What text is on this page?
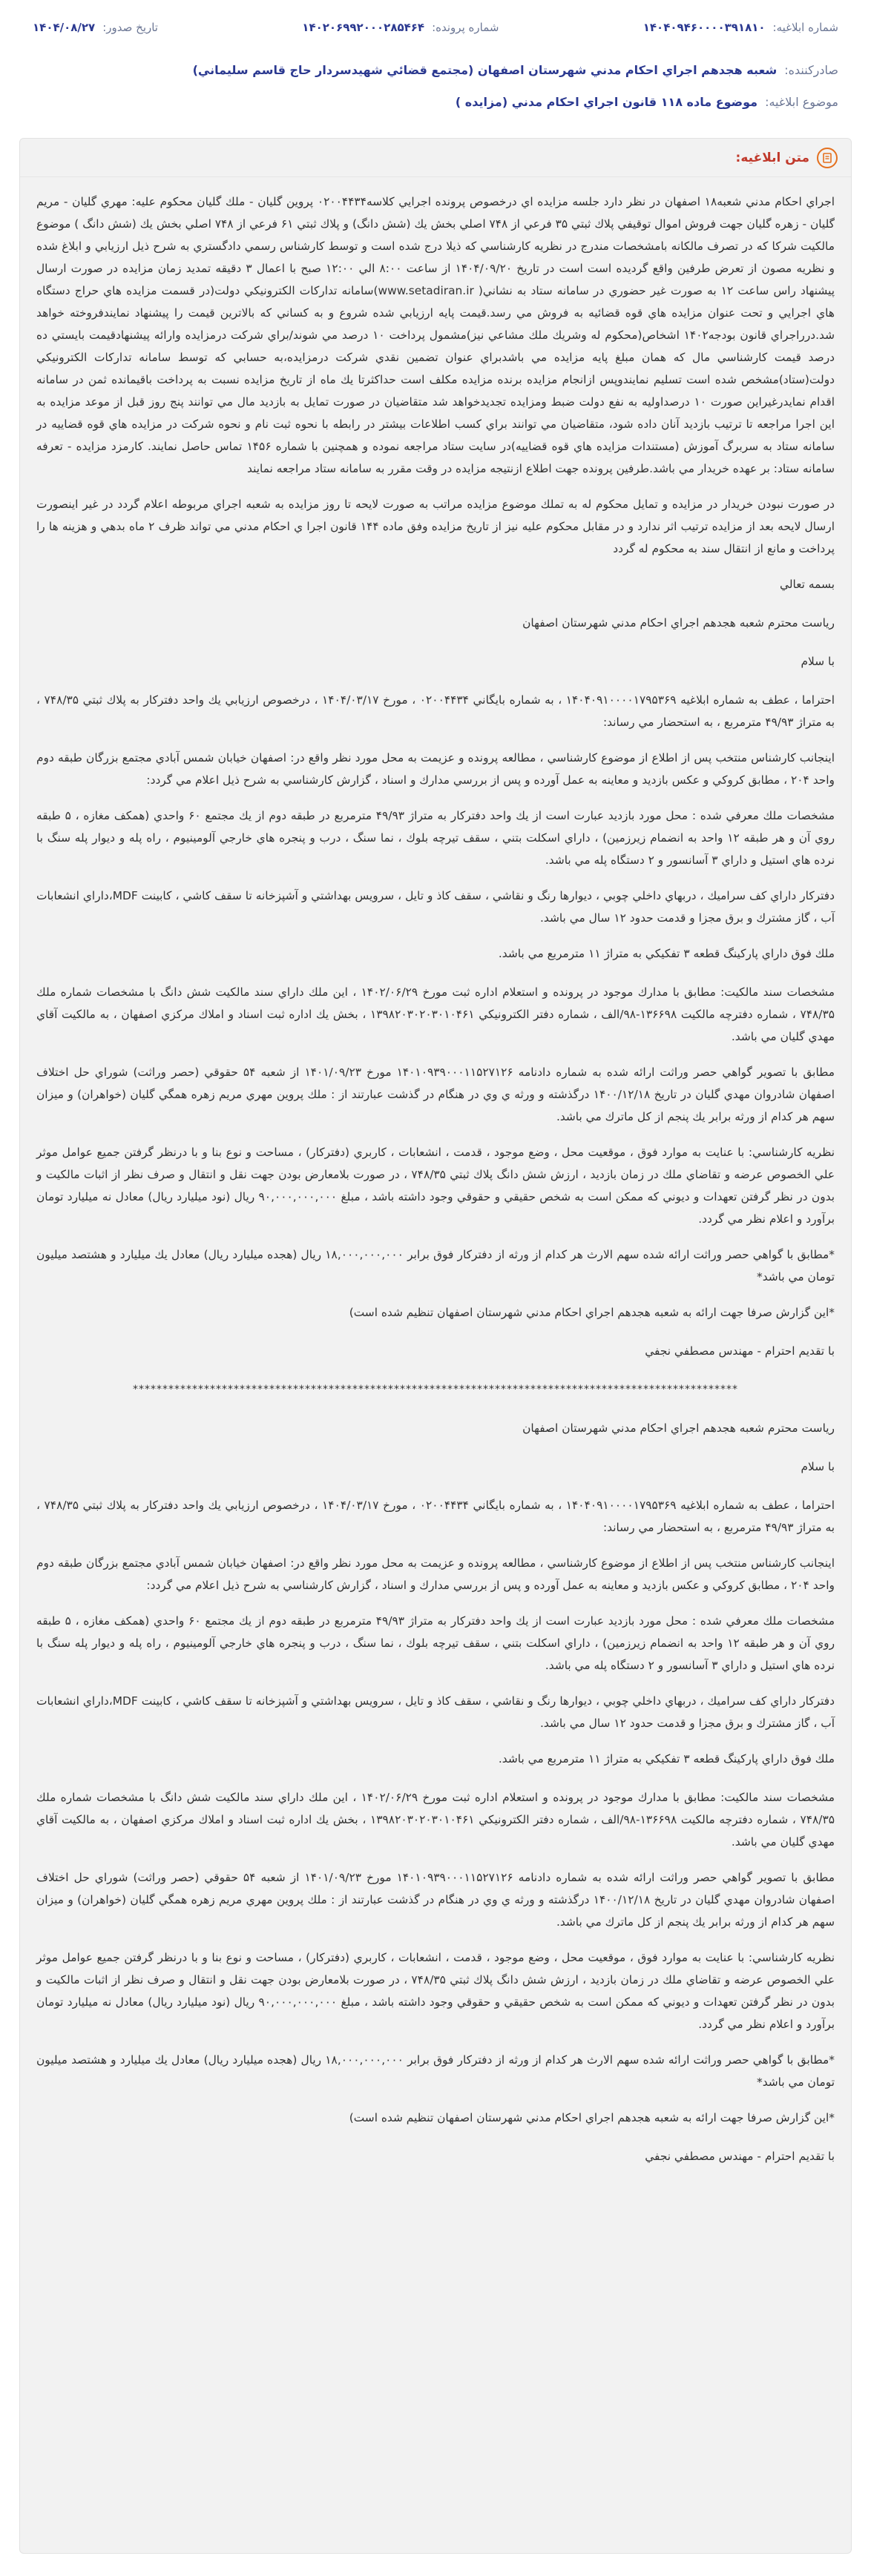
شماره ابلاغیه:
۱۴۰۴۰۹۴۶۰۰۰۰۳۹۱۸۱۰
شماره پرونده:
۱۴۰۲۰۶۹۹۲۰۰۰۲۸۵۴۶۴
تاریخ صدور:
۱۴۰۴/۰۸/۲۷
صادرکننده:
شعبه هجدهم اجراي احكام مدني شهرستان اصفهان (مجتمع قضائي شهيدسردار حاج قاسم سليماني)
موضوع ابلاغیه:
موضوع ماده ۱۱۸ قانون اجراي احكام مدني (مزايده )
متن ابلاغیه:

اجراي احكام مدني شعبه۱۸ اصفهان در نظر دارد جلسه مزايده اي درخصوص پرونده اجرايي كلاسه۰۲۰۰۴۴۳۴ پروين گليان - ملك گليان محكوم عليه: مهري گليان - مريم گليان - زهره گليان جهت فروش اموال توقيفي پلاك ثبتي ۳۵ فرعي از ۷۴۸ اصلي بخش يك (شش دانگ) و پلاك ثبتي ۶۱ فرعي از ۷۴۸ اصلي بخش يك (شش دانگ ) موضوع مالكيت شركا كه در تصرف مالكانه بامشخصات مندرج در نظريه كارشناسي كه ذيلا درج شده است و توسط كارشناس رسمي دادگستري به شرح ذيل ارزيابي و ابلاغ شده و نظريه مصون از تعرض طرفين واقع گرديده است است در تاريخ ۱۴۰۴/۰۹/۲۰ از ساعت ۸:۰۰ الي ۱۲:۰۰ صبح با اعمال ۳ دقيقه تمديد زمان مزايده در صورت ارسال پيشنهاد راس ساعت ۱۲ به صورت غير حضوري در سامانه ستاد به نشاني( www.setadiran.ir)سامانه تداركات الكترونيكي دولت(در قسمت مزايده هاي حراج دستگاه هاي اجرايي و تحت عنوان مزايده هاي قوه قضائيه به فروش مي رسد.قيمت پايه ارزيابي شده شروع و به كساني كه بالاترين قيمت را پيشنهاد نمايندفروخته خواهد شد.درراجراي قانون بودجه۱۴۰۲ اشخاص(محكوم له وشريك ملك مشاعي نيز)مشمول پرداخت ۱۰ درصد مي شوند/براي شركت درمزايده وارائه پيشنهادقيمت بايستي ده درصد قيمت كارشناسي مال كه همان مبلغ پايه مزايده مي باشدبراي عنوان تضمين نقدي شركت درمزايده،به حسابي كه توسط سامانه تداركات الكترونيكي دولت(ستاد)مشخص شده است تسليم نمايندوپس ازانجام مزايده برنده مزايده مكلف است حداكثرتا يك ماه از تاريخ مزايده نسبت به پرداخت باقيمانده ثمن در سامانه اقدام نمايدرغيراين صورت ۱۰ درصداوليه به نفع دولت ضبط ومزايده تجديدخواهد شد متقاضيان در صورت تمايل به بازديد مال مي توانند پنج روز قبل از موعد مزايده به اين اجرا مراجعه تا ترتيب بازديد آنان داده شود، متقاضيان مي توانند براي كسب اطلاعات بيشتر در رابطه با نحوه ثبت نام و نحوه شركت در مزايده هاي قوه قضاييه در سامانه ستاد به سربرگ آموزش (مستندات مزايده هاي قوه قضاييه)در سايت ستاد مراجعه نموده و همچنين با شماره ۱۴۵۶ تماس حاصل نمايند. كارمزد مزايده - تعرفه سامانه ستاد: بر عهده خريدار مي باشد.طرفين پرونده جهت اطلاع ازنتيجه مزايده در وقت مقرر به سامانه ستاد مراجعه نمايند

در صورت نبودن خريدار در مزايده و تمايل محكوم له به تملك موضوع مزايده مراتب به صورت لايحه تا روز مزايده به شعبه اجراي مربوطه اعلام گردد در غير اينصورت ارسال لايحه بعد از مزايده ترتيب اثر ندارد و در مقابل محكوم عليه نيز از تاريخ مزايده وفق ماده ۱۴۴ قانون اجرا ي احكام مدني مي تواند ظرف ۲ ماه بدهي و هزينه ها را پرداخت و مانع از انتقال سند به محكوم له گردد

بسمه تعالي

رياست محترم شعبه هجدهم اجراي احكام مدني شهرستان اصفهان

با سلام

احتراما ، عطف به شماره ابلاغيه ۱۴۰۴۰۹۱۰۰۰۰۱۷۹۵۳۶۹ ، به شماره بايگاني ۰۲۰۰۴۴۳۴ ، مورخ ۱۴۰۴/۰۳/۱۷ ، درخصوص ارزيابي يك واحد دفتركار به پلاك ثبتي ۷۴۸/۳۵ ، به متراژ ۴۹/۹۳ مترمربع ، به استحضار مي رساند:

اينجانب كارشناس منتخب پس از اطلاع از موضوع كارشناسي ، مطالعه پرونده و عزيمت به محل مورد نظر واقع در: اصفهان خيابان شمس آبادي مجتمع بزرگان طبقه دوم واحد ۲۰۴ ، مطابق كروكي و عكس بازديد و معاينه به عمل آورده و پس از بررسي مدارك و اسناد ، گزارش كارشناسي به شرح ذيل اعلام مي گردد:

مشخصات ملك معرفي شده : محل مورد بازديد عبارت است از يك واحد دفتركار به متراژ ۴۹/۹۳ مترمربع در طبقه دوم از يك مجتمع ۶۰ واحدي (همكف مغازه ، ۵ طبقه روي آن و هر طبقه ۱۲ واحد به انضمام زيرزمين) ، داراي اسكلت بتني ، سقف تيرچه بلوك ، نما سنگ ، درب و پنجره هاي خارجي آلومينيوم ، راه پله و ديوار پله سنگ با نرده هاي استيل و داراي ۳ آسانسور و ۲ دستگاه پله مي باشد.

دفتركار داراي كف سراميك ، دربهاي داخلي چوبي ، ديوارها رنگ و نقاشي ، سقف كاذ و تايل ، سرويس بهداشتي و آشپزخانه تا سقف كاشي ، كابينت MDF،داراي انشعابات آب ، گاز مشترك و برق مجزا و قدمت حدود ۱۲ سال مي باشد.

ملك فوق داراي پاركينگ قطعه ۳ تفكيكي به متراژ ۱۱ مترمربع مي باشد.

مشخصات سند مالكيت: مطابق با مدارك موجود در پرونده و استعلام اداره ثبت مورخ ۱۴۰۲/۰۶/۲۹ ، اين ملك داراي سند مالكيت شش دانگ با مشخصات شماره ملك ۷۴۸/۳۵ ، شماره دفترچه مالكيت ۱۳۶۶۹۸-۹۸/الف ، شماره دفتر الكترونيكي ۱۳۹۸۲۰۳۰۲۰۳۰۱۰۴۶۱ ، بخش يك اداره ثبت اسناد و املاك مركزي اصفهان ، به مالكيت آقاي مهدي گليان مي باشد.

مطابق با تصوير گواهي حصر وراثت ارائه شده به شماره دادنامه ۱۴۰۱۰۹۳۹۰۰۰۱۱۵۲۷۱۲۶ مورخ ۱۴۰۱/۰۹/۲۳ از شعبه ۵۴ حقوقي (حصر وراثت) شوراي حل اختلاف اصفهان شادروان مهدي گليان در تاريخ ۱۴۰۰/۱۲/۱۸ درگذشته و ورثه ي وي در هنگام در گذشت عبارتند از : ملك پروين مهري مريم زهره همگي گليان (خواهران) و ميزان سهم هر كدام از ورثه برابر يك پنجم از كل ماترك مي باشد.

نظريه كارشناسي: با عنايت به موارد فوق ، موقعيت محل ، وضع موجود ، قدمت ، انشعابات ، كاربري (دفتركار) ، مساحت و نوع بنا و با درنظر گرفتن جميع عوامل موثر علي الخصوص عرضه و تقاضاي ملك در زمان بازديد ، ارزش شش دانگ پلاك ثبتي ۷۴۸/۳۵ ، در صورت بلامعارض بودن جهت نقل و انتقال و صرف نظر از اثبات مالكيت و بدون در نظر گرفتن تعهدات و ديوني كه ممكن است به شخص حقيقي و حقوقي وجود داشته باشد ، مبلغ ۹۰,۰۰۰,۰۰۰,۰۰۰ ريال (نود ميليارد ريال) معادل نه ميليارد تومان برآورد و اعلام نظر مي گردد.

*مطابق با گواهي حصر وراثت ارائه شده سهم الارث هر كدام از ورثه از دفتركار فوق برابر ۱۸,۰۰۰,۰۰۰,۰۰۰ ريال (هجده ميليارد ريال) معادل يك ميليارد و هشتصد ميليون تومان مي باشد*

*اين گزارش صرفا جهت ارائه به شعبه هجدهم اجراي احكام مدني شهرستان اصفهان تنظيم شده است)

با تقديم احترام - مهندس مصطفي نجفي

******************************************************************************************************

رياست محترم شعبه هجدهم اجراي احكام مدني شهرستان اصفهان

با سلام

احتراما ، عطف به شماره ابلاغيه ۱۴۰۴۰۹۱۰۰۰۰۱۷۹۵۳۶۹ ، به شماره بايگاني ۰۲۰۰۴۴۳۴ ، مورخ ۱۴۰۴/۰۳/۱۷ ، درخصوص ارزيابي يك واحد دفتركار به پلاك ثبتي ۷۴۸/۳۵ ، به متراژ ۴۹/۹۳ مترمربع ، به استحضار مي رساند:

اينجانب كارشناس منتخب پس از اطلاع از موضوع كارشناسي ، مطالعه پرونده و عزيمت به محل مورد نظر واقع در: اصفهان خيابان شمس آبادي مجتمع بزرگان طبقه دوم واحد ۲۰۴ ، مطابق كروكي و عكس بازديد و معاينه به عمل آورده و پس از بررسي مدارك و اسناد ، گزارش كارشناسي به شرح ذيل اعلام مي گردد:

مشخصات ملك معرفي شده : محل مورد بازديد عبارت است از يك واحد دفتركار به متراژ ۴۹/۹۳ مترمربع در طبقه دوم از يك مجتمع ۶۰ واحدي (همكف مغازه ، ۵ طبقه روي آن و هر طبقه ۱۲ واحد به انضمام زيرزمين) ، داراي اسكلت بتني ، سقف تيرچه بلوك ، نما سنگ ، درب و پنجره هاي خارجي آلومينيوم ، راه پله و ديوار پله سنگ با نرده هاي استيل و داراي ۳ آسانسور و ۲ دستگاه پله مي باشد.

دفتركار داراي كف سراميك ، دربهاي داخلي چوبي ، ديوارها رنگ و نقاشي ، سقف كاذ و تايل ، سرويس بهداشتي و آشپزخانه تا سقف كاشي ، كابينت MDF،داراي انشعابات آب ، گاز مشترك و برق مجزا و قدمت حدود ۱۲ سال مي باشد.

ملك فوق داراي پاركينگ قطعه ۳ تفكيكي به متراژ ۱۱ مترمربع مي باشد.

مشخصات سند مالكيت: مطابق با مدارك موجود در پرونده و استعلام اداره ثبت مورخ ۱۴۰۲/۰۶/۲۹ ، اين ملك داراي سند مالكيت شش دانگ با مشخصات شماره ملك ۷۴۸/۳۵ ، شماره دفترچه مالكيت ۱۳۶۶۹۸-۹۸/الف ، شماره دفتر الكترونيكي ۱۳۹۸۲۰۳۰۲۰۳۰۱۰۴۶۱ ، بخش يك اداره ثبت اسناد و املاك مركزي اصفهان ، به مالكيت آقاي مهدي گليان مي باشد.

مطابق با تصوير گواهي حصر وراثت ارائه شده به شماره دادنامه ۱۴۰۱۰۹۳۹۰۰۰۱۱۵۲۷۱۲۶ مورخ ۱۴۰۱/۰۹/۲۳ از شعبه ۵۴ حقوقي (حصر وراثت) شوراي حل اختلاف اصفهان شادروان مهدي گليان در تاريخ ۱۴۰۰/۱۲/۱۸ درگذشته و ورثه ي وي در هنگام در گذشت عبارتند از : ملك پروين مهري مريم زهره همگي گليان (خواهران) و ميزان سهم هر كدام از ورثه برابر يك پنجم از كل ماترك مي باشد.

نظريه كارشناسي: با عنايت به موارد فوق ، موقعيت محل ، وضع موجود ، قدمت ، انشعابات ، كاربري (دفتركار) ، مساحت و نوع بنا و با درنظر گرفتن جميع عوامل موثر علي الخصوص عرضه و تقاضاي ملك در زمان بازديد ، ارزش شش دانگ پلاك ثبتي ۷۴۸/۳۵ ، در صورت بلامعارض بودن جهت نقل و انتقال و صرف نظر از اثبات مالكيت و بدون در نظر گرفتن تعهدات و ديوني كه ممكن است به شخص حقيقي و حقوقي وجود داشته باشد ، مبلغ ۹۰,۰۰۰,۰۰۰,۰۰۰ ريال (نود ميليارد ريال) معادل نه ميليارد تومان برآورد و اعلام نظر مي گردد.

*مطابق با گواهي حصر وراثت ارائه شده سهم الارث هر كدام از ورثه از دفتركار فوق برابر ۱۸,۰۰۰,۰۰۰,۰۰۰ ريال (هجده ميليارد ريال) معادل يك ميليارد و هشتصد ميليون تومان مي باشد*

*اين گزارش صرفا جهت ارائه به شعبه هجدهم اجراي احكام مدني شهرستان اصفهان تنظيم شده است)

با تقديم احترام - مهندس مصطفي نجفي
